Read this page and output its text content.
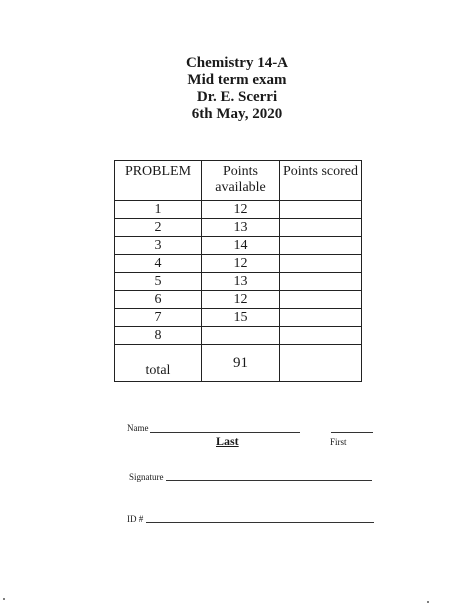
Chemistry 14-A
Mid term exam
Dr. E. Scerri
6th May, 2020
PROBLEM	Points available	Points scored
1	12	
2	13	
3	14	
4	12	
5	13	
6	12	
7	15	
8		
total	91	
Name
Last	First
Signature
ID #
